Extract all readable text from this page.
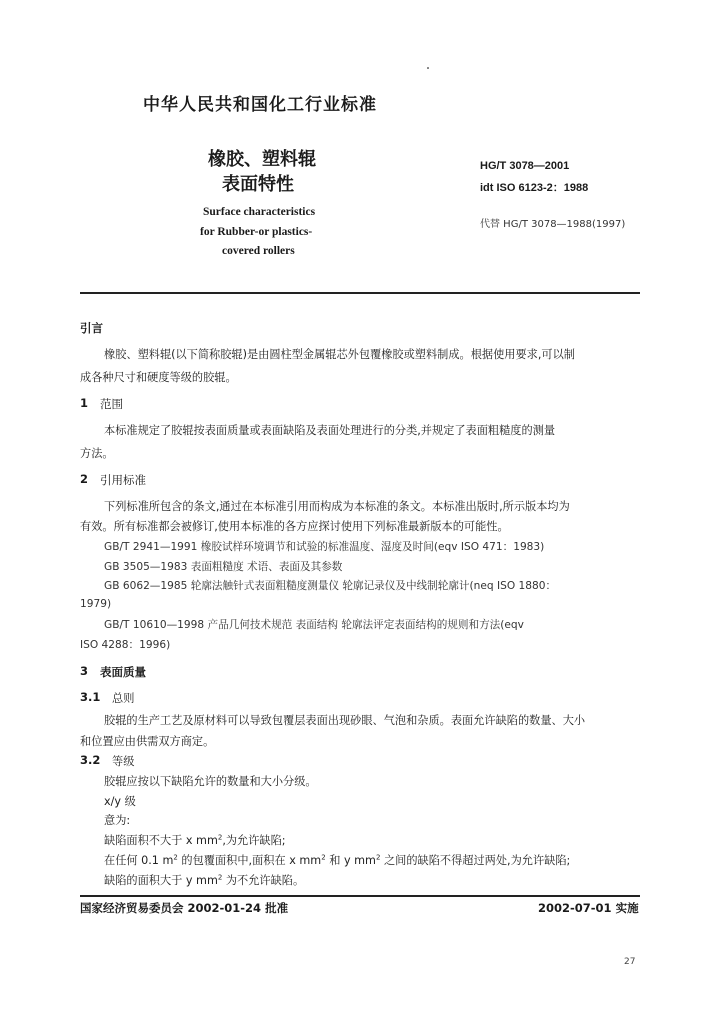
中华人民共和国化工行业标准
橡胶、塑料辊
表面特性
Surface characteristics
for Rubber-or plastics-
covered rollers
HG/T 3078—2001
idt ISO 6123-2：1988
代替 HG/T 3078—1988(1997)
引言
橡胶、塑料辊(以下简称胶辊)是由圆柱型金属辊芯外包覆橡胶或塑料制成。根据使用要求,可以制
成各种尺寸和硬度等级的胶辊。
1 范围
本标准规定了胶辊按表面质量或表面缺陷及表面处理进行的分类,并规定了表面粗糙度的测量
方法。
2 引用标准
下列标准所包含的条文,通过在本标准引用而构成为本标准的条文。本标准出版时,所示版本均为
有效。所有标准都会被修订,使用本标准的各方应探讨使用下列标准最新版本的可能性。
GB/T 2941—1991 橡胶试样环境调节和试验的标准温度、湿度及时间(eqv ISO 471：1983)
GB 3505—1983 表面粗糙度 术语、表面及其参数
GB 6062—1985 轮廓法触针式表面粗糙度测量仪 轮廓记录仪及中线制轮廓计(neq ISO 1880：
1979)
GB/T 10610—1998 产品几何技术规范 表面结构 轮廓法评定表面结构的规则和方法(eqv
ISO 4288：1996)
3 表面质量
3.1 总则
胶辊的生产工艺及原材料可以导致包覆层表面出现砂眼、气泡和杂质。表面允许缺陷的数量、大小
和位置应由供需双方商定。
3.2 等级
胶辊应按以下缺陷允许的数量和大小分级。
x/y 级
意为:
缺陷面积不大于 x $mm^2$,为允许缺陷;
在任何 0.1 $m^2$ 的包覆面积中,面积在 x $mm^2$ 和 y $mm^2$ 之间的缺陷不得超过两处,为允许缺陷;
缺陷的面积大于 y $mm^2$ 为不允许缺陷。
国家经济贸易委员会 2002-01-24 批准	2002-07-01 实施
27
